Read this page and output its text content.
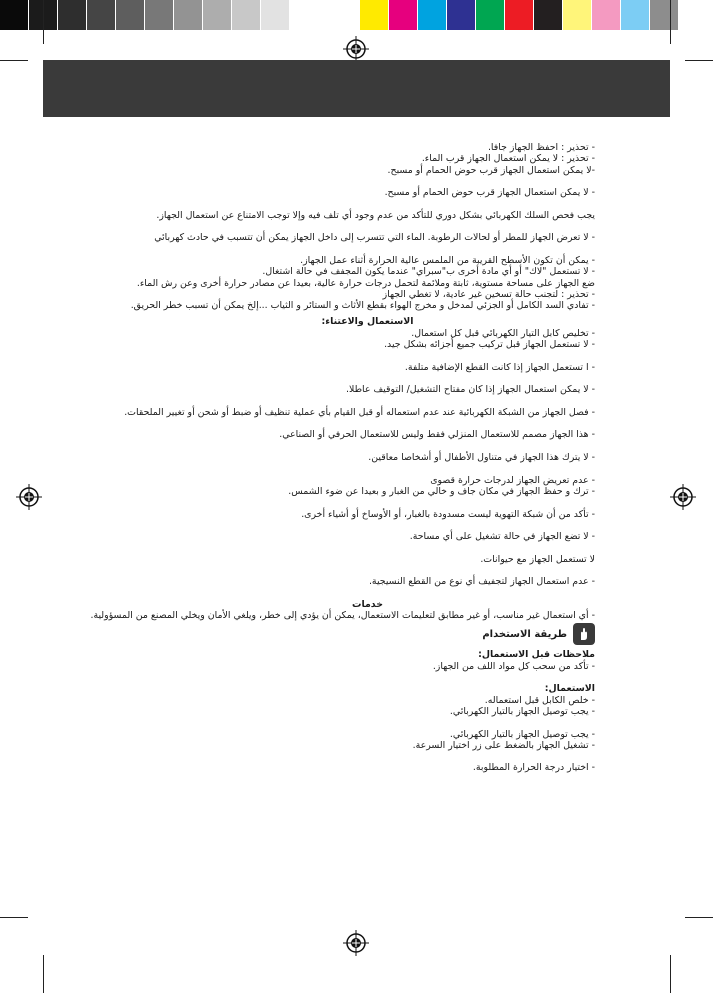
- تحذير : احفظ الجهاز جافا.

- تحذير : لا يمكن استعمال الجهاز قرب الماء.

-لا يمكن استعمال الجهاز قرب حوض الحمام أو مسبح.

- لا يمكن استعمال الجهاز قرب حوض الحمام أو مسبح.

يجب فحص السلك الكهربائي بشكل دوري للتأكد من عدم وجود أي تلف فيه وإلا توجب الامتناع عن استعمال الجهاز.

- لا تعرض الجهاز للمطر أو لحالات الرطوبة. الماء التي تتسرب إلى داخل الجهاز يمكن أن تتسبب في حادث كهربائي

- يمكن أن تكون الأسطح القريبة من الملمس عالية الحرارة أثناء عمل الجهاز.

- لا تستعمل "لاك" أو أي مادة أخرى ب"سبراي" عندما يكون المجفف في حالة اشتغال.

ضع الجهاز على مساحة مستوية، ثابتة وملائمة لتحمل درجات حرارة عالية، بعيدا عن مصادر حرارة أخرى وعن رش الماء.

- تحذير : لتجنب حالة تسخين غير عادية، لا تغطي الجهاز

- تفادي السد الكامل أو الجزئي لمدخل و مخرج الهواء بقطع الأثاث و الستائر و الثياب ...إلخ يمكن أن تسبب خطر الحريق.

الاستعمال والاعتناء:

- تخليص كابل التيار الكهربائي قبل كل استعمال.

- لا تستعمل الجهاز قبل تركيب جميع أجزائه بشكل جيد.

- ا تستعمل الجهاز إذا كانت القطع الإضافية متلفة.

- لا يمكن استعمال الجهاز إذا كان مفتاح التشغيل/ التوقيف عاطلا.

- فصل الجهاز من الشبكة الكهربائية عند عدم استعماله أو قبل القيام بأي عملية تنظيف أو ضبط أو شحن أو تغيير الملحقات.

- هذا الجهاز مصمم للاستعمال المنزلي فقط وليس للاستعمال الحرفي أو الصناعي.

- لا يترك هذا الجهاز في متناول الأطفال أو أشخاصا معاقين.

- عدم تعريض الجهاز لدرجات حرارة قصوى

- ترك و حفظ الجهاز في مكان جاف و خالي من الغبار و بعيدا عن ضوء الشمس.

- تأكد من أن شبكة التهوية ليست مسدودة بالغبار، أو الأوساخ أو أشياء أخرى.

- لا تضع الجهاز في حالة تشغيل على أي مساحة.

لا تستعمل الجهاز مع حيوانات.

- عدم استعمال الجهاز لتجفيف أي نوع من القطع النسيجية.

خدمات

- أي استعمال غير مناسب، أو غير مطابق لتعليمات الاستعمال، يمكن أن يؤدي إلى خطر، ويلغي الأمان ويخلي المصنع من المسؤولية.

طريقة الاستخدام

ملاحظات قبل الاستعمال:

- تأكد من سحب كل مواد اللف من الجهاز.

الاستعمال:

- خلص الكابل قبل استعماله.

- يجب توصيل الجهاز بالتيار الكهربائي.

- يجب توصيل الجهاز بالتيار الكهربائي.

- تشغيل الجهاز بالضغط على زر اختيار السرعة.

- اختيار درجة الحرارة المطلوبة.
